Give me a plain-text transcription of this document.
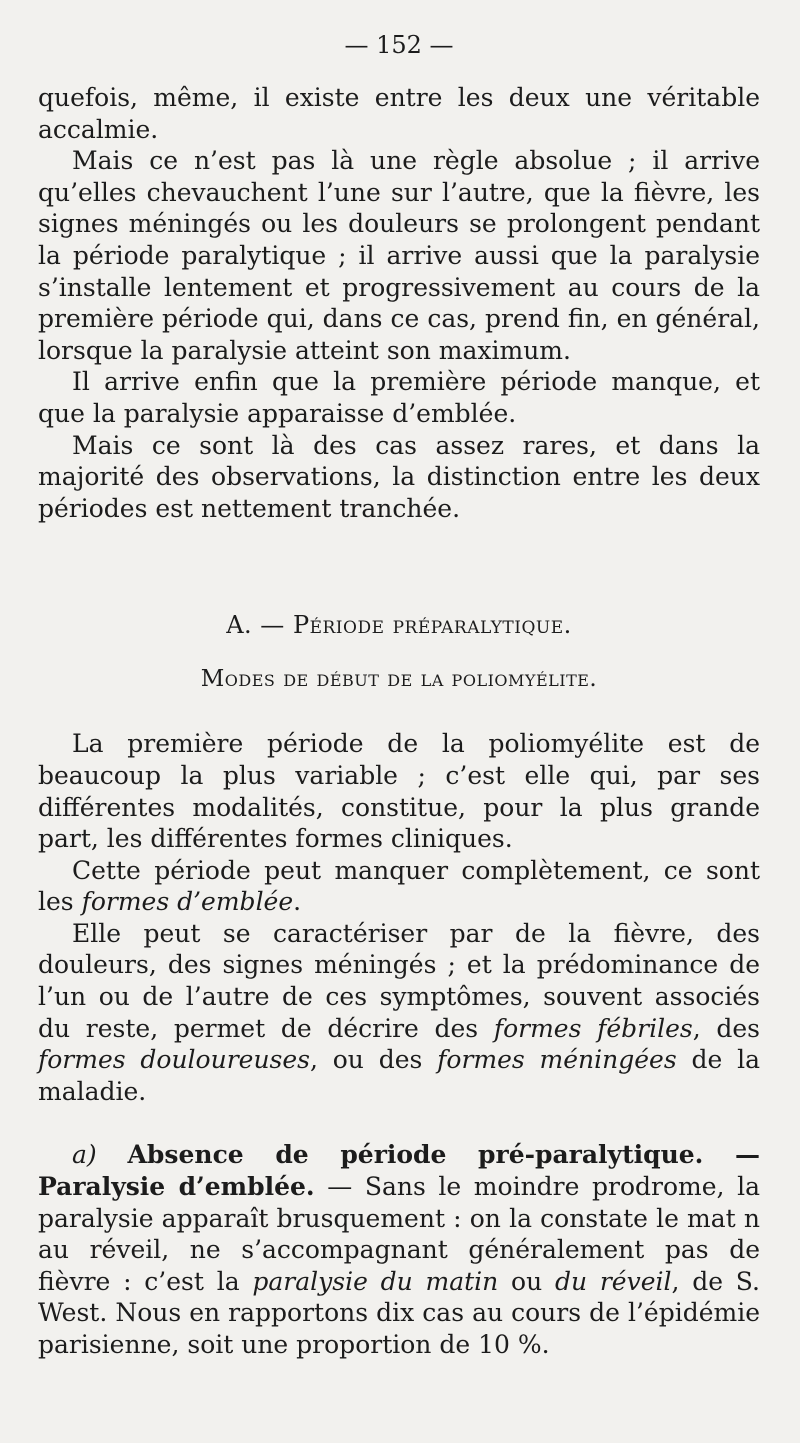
— 152 —

quefois, même, il existe entre les deux une véritable accalmie.

Mais ce n’est pas là une règle absolue ; il arrive qu’elles chevauchent l’une sur l’autre, que la fièvre, les signes méningés ou les douleurs se prolongent pendant la période paralytique ; il arrive aussi que la paralysie s’installe lentement et progressivement au cours de la première période qui, dans ce cas, prend fin, en général, lorsque la paralysie atteint son maximum.

Il arrive enfin que la première période manque, et que la paralysie apparaisse d’emblée.

Mais ce sont là des cas assez rares, et dans la majorité des observations, la distinction entre les deux périodes est nettement tranchée.

A. — Période préparalytique.
Modes de début de la poliomyélite.

La première période de la poliomyélite est de beaucoup la plus variable ; c’est elle qui, par ses différentes modalités, constitue, pour la plus grande part, les différentes formes cliniques.

Cette période peut manquer complètement, ce sont les formes d’emblée.

Elle peut se caractériser par de la fièvre, des douleurs, des signes méningés ; et la prédominance de l’un ou de l’autre de ces symptômes, souvent associés du reste, permet de décrire des formes fébriles, des formes douloureuses, ou des formes méningées de la maladie.

a) Absence de période pré-paralytique. — Paralysie d’emblée. — Sans le moindre prodrome, la paralysie apparaît brusquement : on la constate le mat n au réveil, ne s’accompagnant généralement pas de fièvre : c’est la paralysie du matin ou du réveil, de S. West. Nous en rapportons dix cas au cours de l’épidémie parisienne, soit une proportion de 10 %.
